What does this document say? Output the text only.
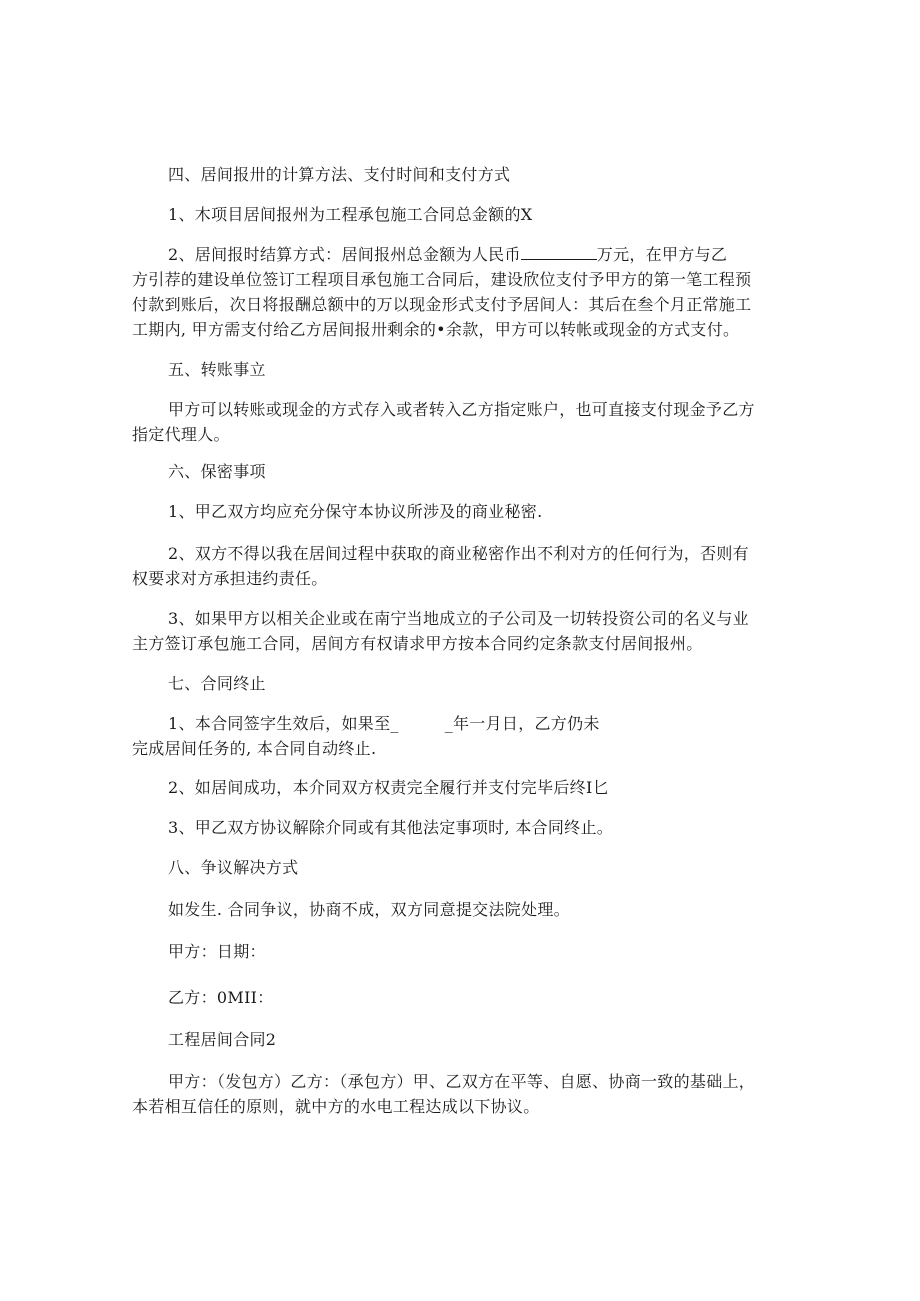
四、居间报卅的计算方法、支付时间和支付方式
1、木项目居间报州为工程承包施工合同总金额的X
2、居间报时结算方式：居间报州总金额为人民币	万元，在甲方与乙
方引荐的建设单位签订工程项目承包施工合同后，建设欣位支付予甲方的第一笔工程预
付款到账后，次日将报酬总额中的万以现金形式支付予居间人：其后在叁个月正常施工
工期内, 甲方需支付给乙方居间报卅剩余的•余款，甲方可以转帐或现金的方式支付。
五、转账事立
甲方可以转账或现金的方式存入或者转入乙方指定账户，也可直接支付现金予乙方
指定代理人。
六、保密事项
1、甲乙双方均应充分保守本协议所涉及的商业秘密.
2、双方不得以我在居间过程中获取的商业秘密作出不利对方的任何行为，否则有
权要求对方承担违约责任。
3、如果甲方以相关企业或在南宁当地成立的子公司及一切转投资公司的名义与业
主方签订承包施工合同，居间方有权请求甲方按本合同约定条款支付居间报州。
七、合同终止
1、本合同签字生效后，如果至_	_年一月日，乙方仍未
完成居间任务的, 本合同自动终止.
2、如居间成功，本介同双方权责完全履行并支付完毕后终I匕
3、甲乙双方协议解除介同或有其他法定事项时, 本合同终止。
八、争议解决方式
如发生. 合同争议，协商不成，双方同意提交法院处理。
甲方：日期：
乙方：0MII：
工程居间合同2
甲方：（发包方）乙方：（承包方）甲、乙双方在平等、自愿、协商一致的基础上，
本若相互信任的原则，就中方的水电工程达成以下协议。
